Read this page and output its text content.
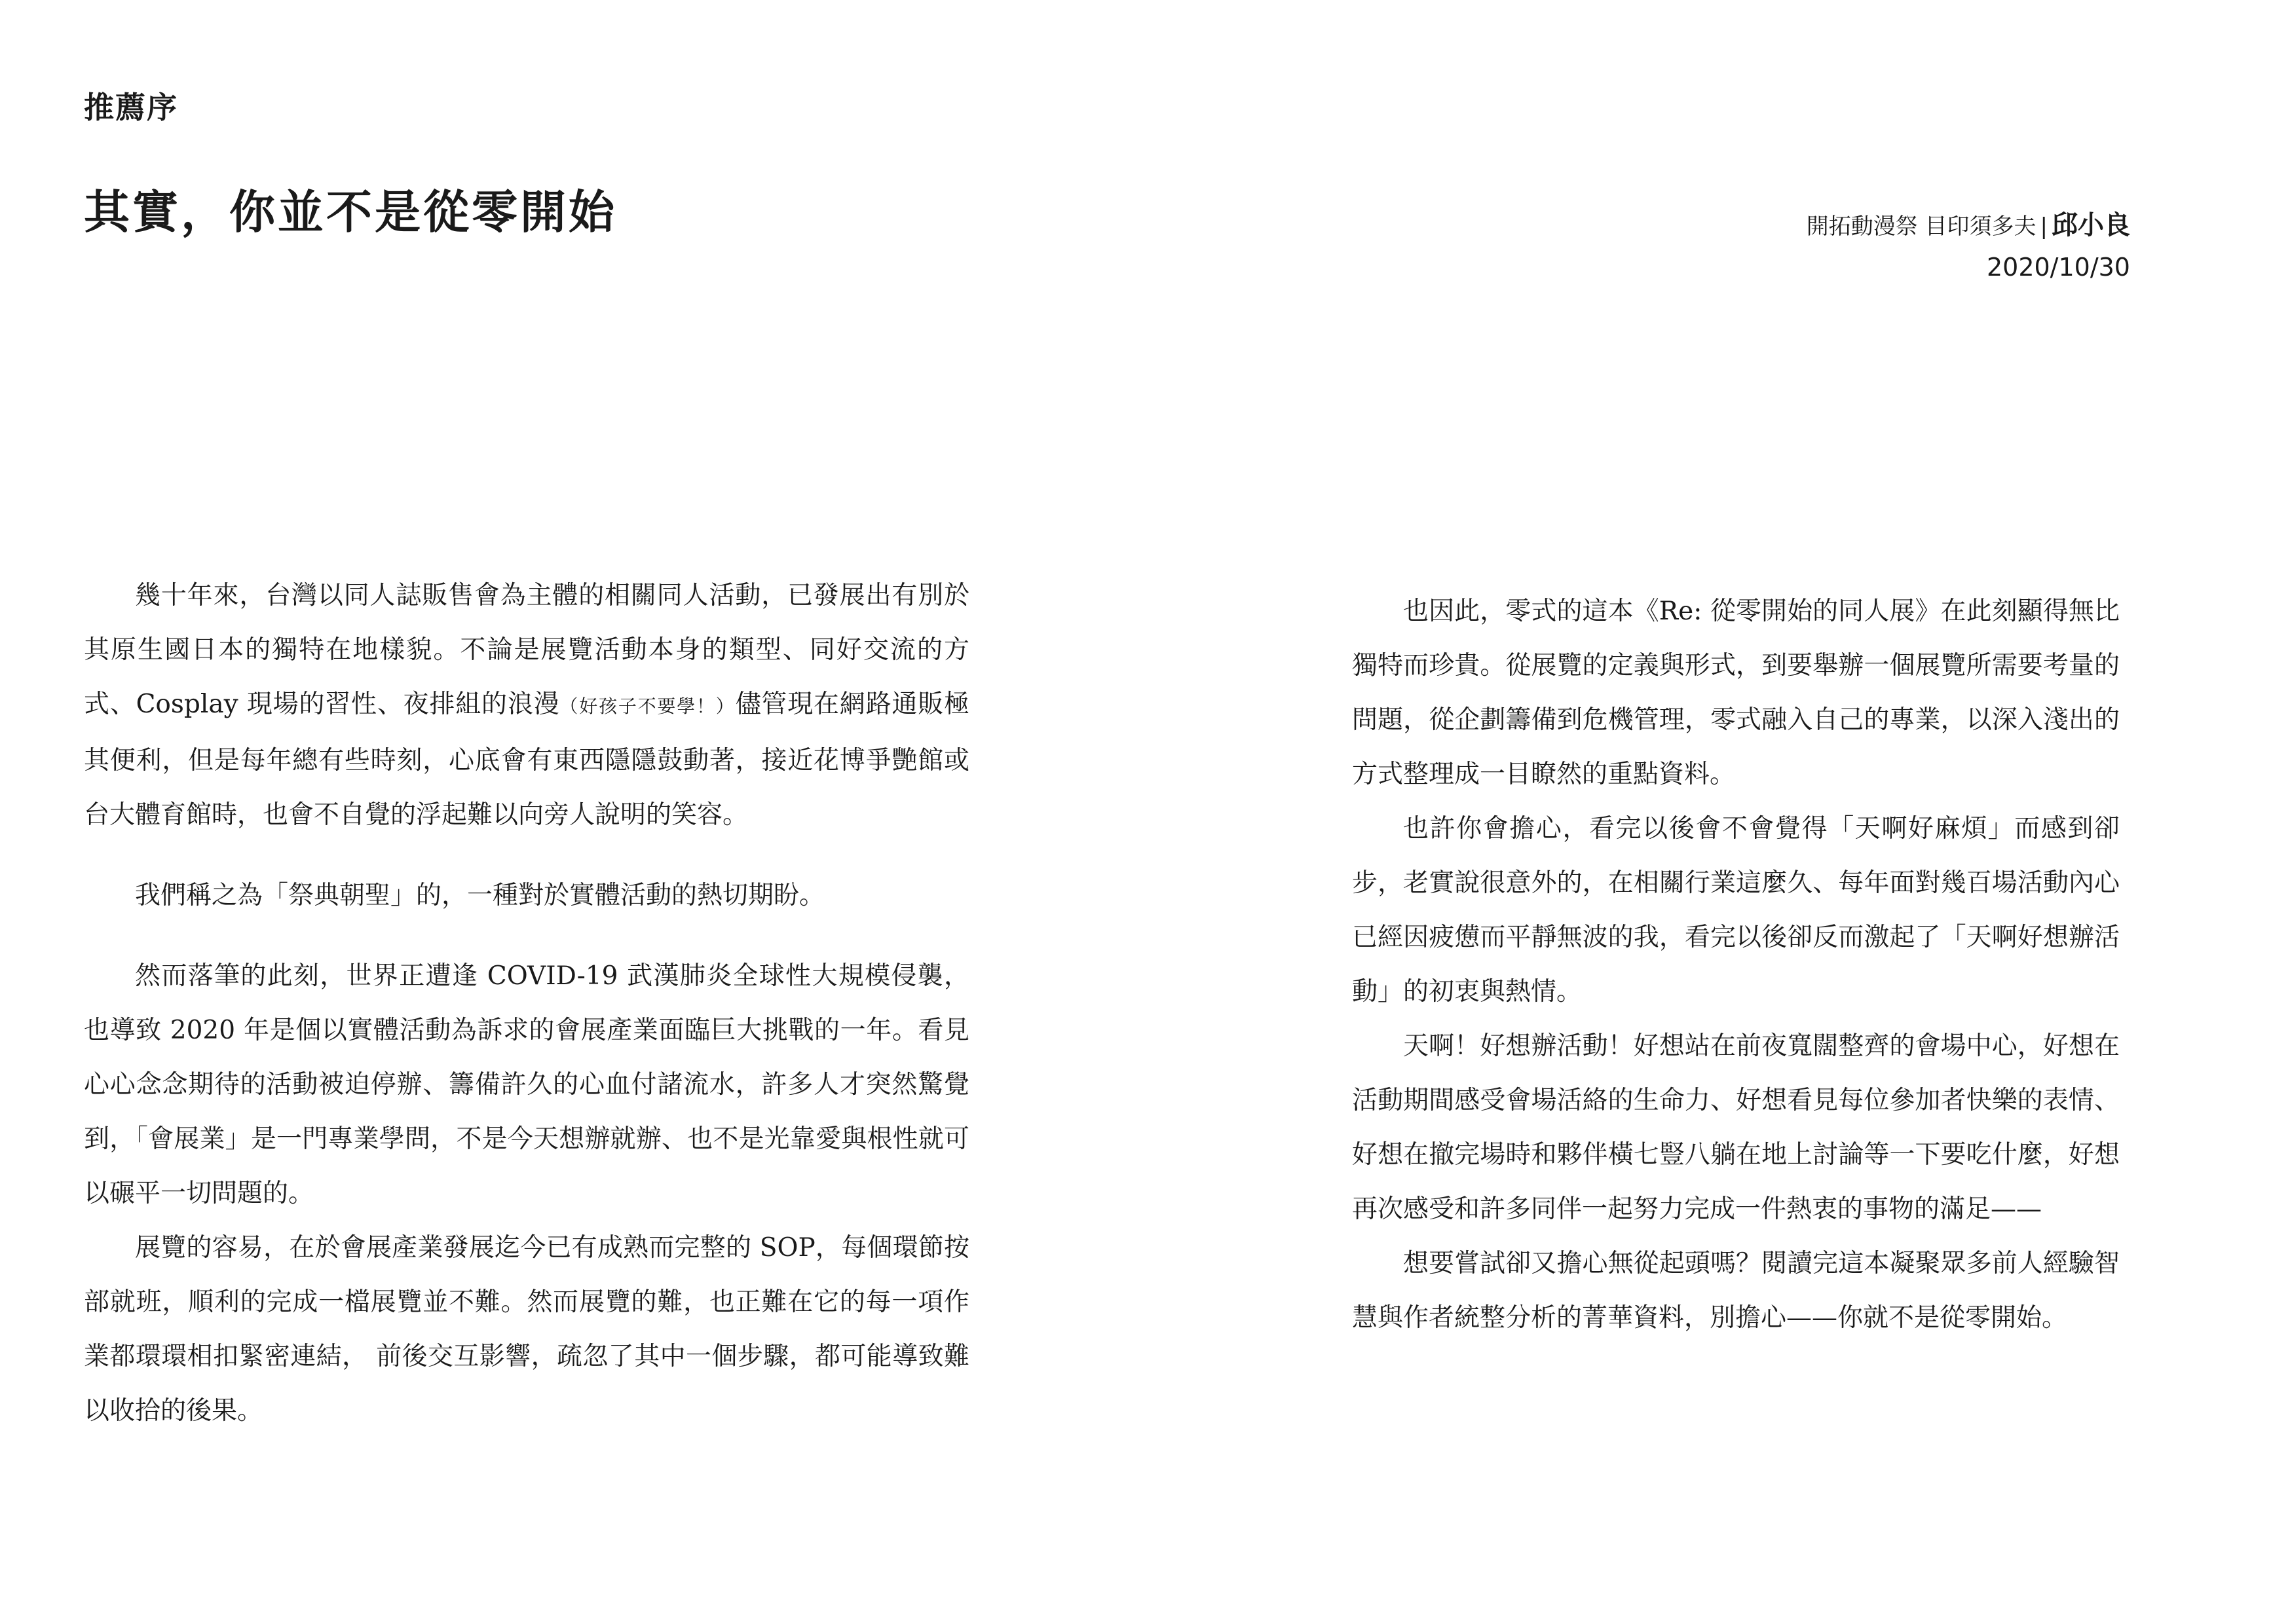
推薦序
其實，你並不是從零開始	開拓動漫祭 目印須多夫 | 邱小良
2020/10/30

幾十年來，台灣以同人誌販售會為主體的相關同人活動，已發展出有別於其原生國日本的獨特在地樣貌。不論是展覽活動本身的類型、同好交流的方式、Cosplay 現場的習性、夜排組的浪漫（好孩子不要學！）儘管現在網路通販極其便利，但是每年總有些時刻，心底會有東西隱隱鼓動著，接近花博爭艷館或台大體育館時，也會不自覺的浮起難以向旁人說明的笑容。

我們稱之為「祭典朝聖」的，一種對於實體活動的熱切期盼。

然而落筆的此刻，世界正遭逢 COVID-19 武漢肺炎全球性大規模侵襲，也導致 2020 年是個以實體活動為訴求的會展產業面臨巨大挑戰的一年。看見心心念念期待的活動被迫停辦、籌備許久的心血付諸流水，許多人才突然驚覺到，「會展業」是一門專業學問，不是今天想辦就辦、也不是光靠愛與根性就可以碾平一切問題的。

展覽的容易，在於會展產業發展迄今已有成熟而完整的 SOP，每個環節按部就班，順利的完成一檔展覽並不難。然而展覽的難，也正難在它的每一項作業都環環相扣緊密連結， 前後交互影響，疏忽了其中一個步驟，都可能導致難以收拾的後果。

也因此，零式的這本《Re: 從零開始的同人展》在此刻顯得無比獨特而珍貴。從展覽的定義與形式，到要舉辦一個展覽所需要考量的問題，從企劃籌備到危機管理，零式融入自己的專業，以深入淺出的方式整理成一目瞭然的重點資料。

也許你會擔心，看完以後會不會覺得「天啊好麻煩」而感到卻步，老實說很意外的，在相關行業這麼久、每年面對幾百場活動內心已經因疲憊而平靜無波的我，看完以後卻反而激起了「天啊好想辦活動」的初衷與熱情。

天啊！好想辦活動！好想站在前夜寬闊整齊的會場中心，好想在活動期間感受會場活絡的生命力、好想看見每位參加者快樂的表情、好想在撤完場時和夥伴橫七豎八躺在地上討論等一下要吃什麼，好想再次感受和許多同伴一起努力完成一件熱衷的事物的滿足——

想要嘗試卻又擔心無從起頭嗎？閱讀完這本凝聚眾多前人經驗智慧與作者統整分析的菁華資料，別擔心——你就不是從零開始。
